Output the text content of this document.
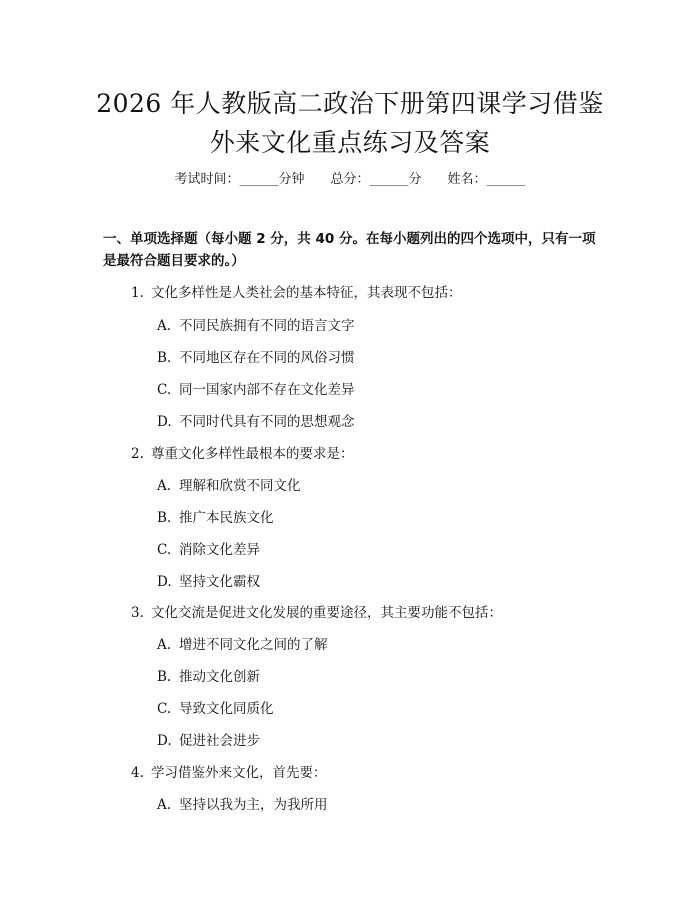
2026 年人教版高二政治下册第四课学习借鉴
外来文化重点练习及答案
考试时间：______分钟 总分：______分 姓名：______
一、单项选择题（每小题 2 分，共 40 分。在每小题列出的四个选项中，只有一项是最符合题目要求的。）
1. 文化多样性是人类社会的基本特征，其表现不包括：
A. 不同民族拥有不同的语言文字
B. 不同地区存在不同的风俗习惯
C. 同一国家内部不存在文化差异
D. 不同时代具有不同的思想观念
2. 尊重文化多样性最根本的要求是：
A. 理解和欣赏不同文化
B. 推广本民族文化
C. 消除文化差异
D. 坚持文化霸权
3. 文化交流是促进文化发展的重要途径，其主要功能不包括：
A. 增进不同文化之间的了解
B. 推动文化创新
C. 导致文化同质化
D. 促进社会进步
4. 学习借鉴外来文化，首先要：
A. 坚持以我为主，为我所用
